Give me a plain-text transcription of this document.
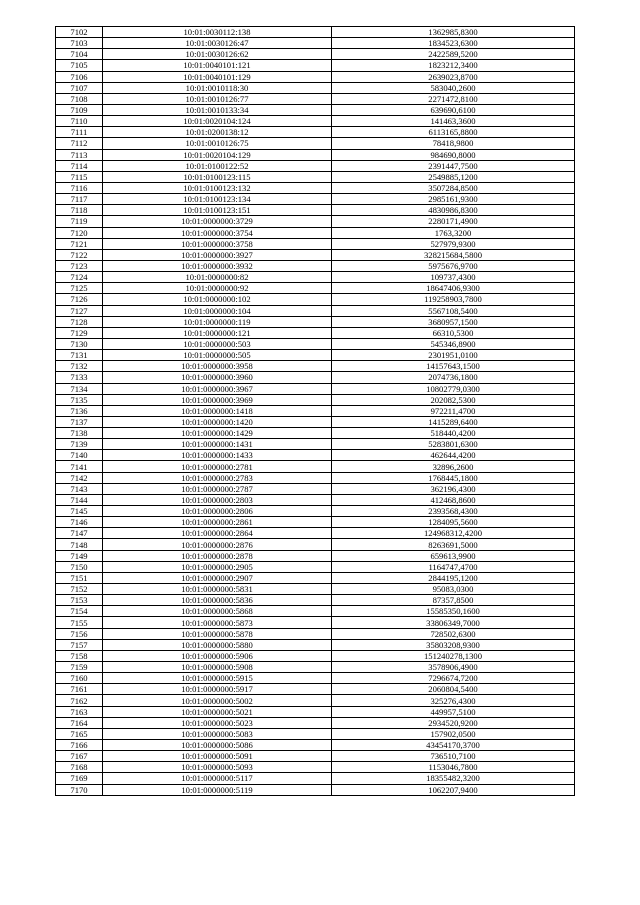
7102	10:01:0030112:138	1362985,8300
7103	10:01:0030126:47	1834523,6300
7104	10:01:0030126:62	2422589,5200
7105	10:01:0040101:121	1823212,3400
7106	10:01:0040101:129	2639023,8700
7107	10:01:0010118:30	583040,2600
7108	10:01:0010126:77	2271472,8100
7109	10:01:0010133:34	639690,6100
7110	10:01:0020104:124	141463,3600
7111	10:01:0200138:12	6113165,8800
7112	10:01:0010126:75	78418,9800
7113	10:01:0020104:129	984690,8000
7114	10:01:0100122:52	2391447,7500
7115	10:01:0100123:115	2549885,1200
7116	10:01:0100123:132	3507284,8500
7117	10:01:0100123:134	2985161,9300
7118	10:01:0100123:151	4830986,8300
7119	10:01:0000000:3729	2280171,4900
7120	10:01:0000000:3754	1763,3200
7121	10:01:0000000:3758	527979,9300
7122	10:01:0000000:3927	328215684,5800
7123	10:01:0000000:3932	5975676,9700
7124	10:01:0000000:82	109737,4300
7125	10:01:0000000:92	18647406,9300
7126	10:01:0000000:102	119258903,7800
7127	10:01:0000000:104	5567108,5400
7128	10:01:0000000:119	3680957,1500
7129	10:01:0000000:121	66310,5300
7130	10:01:0000000:503	545346,8900
7131	10:01:0000000:505	2301951,0100
7132	10:01:0000000:3958	14157643,1500
7133	10:01:0000000:3960	2074736,1800
7134	10:01:0000000:3967	10802779,0300
7135	10:01:0000000:3969	202082,5300
7136	10:01:0000000:1418	972211,4700
7137	10:01:0000000:1420	1415289,6400
7138	10:01:0000000:1429	518440,4200
7139	10:01:0000000:1431	5283801,6300
7140	10:01:0000000:1433	462644,4200
7141	10:01:0000000:2781	32896,2600
7142	10:01:0000000:2783	1768445,1800
7143	10:01:0000000:2787	362196,4300
7144	10:01:0000000:2803	412468,8600
7145	10:01:0000000:2806	2393568,4300
7146	10:01:0000000:2861	1284095,5600
7147	10:01:0000000:2864	124968312,4200
7148	10:01:0000000:2876	8263691,5000
7149	10:01:0000000:2878	659613,9900
7150	10:01:0000000:2905	1164747,4700
7151	10:01:0000000:2907	2844195,1200
7152	10:01:0000000:5831	95083,0300
7153	10:01:0000000:5836	87357,8500
7154	10:01:0000000:5868	15585350,1600
7155	10:01:0000000:5873	33806349,7000
7156	10:01:0000000:5878	728502,6300
7157	10:01:0000000:5880	35803208,9300
7158	10:01:0000000:5906	151240278,1300
7159	10:01:0000000:5908	3578906,4900
7160	10:01:0000000:5915	7296674,7200
7161	10:01:0000000:5917	2060804,5400
7162	10:01:0000000:5002	325276,4300
7163	10:01:0000000:5021	449957,5100
7164	10:01:0000000:5023	2934520,9200
7165	10:01:0000000:5083	157902,0500
7166	10:01:0000000:5086	43454170,3700
7167	10:01:0000000:5091	736510,7100
7168	10:01:0000000:5093	1153046,7800
7169	10:01:0000000:5117	18355482,3200
7170	10:01:0000000:5119	1062207,9400
